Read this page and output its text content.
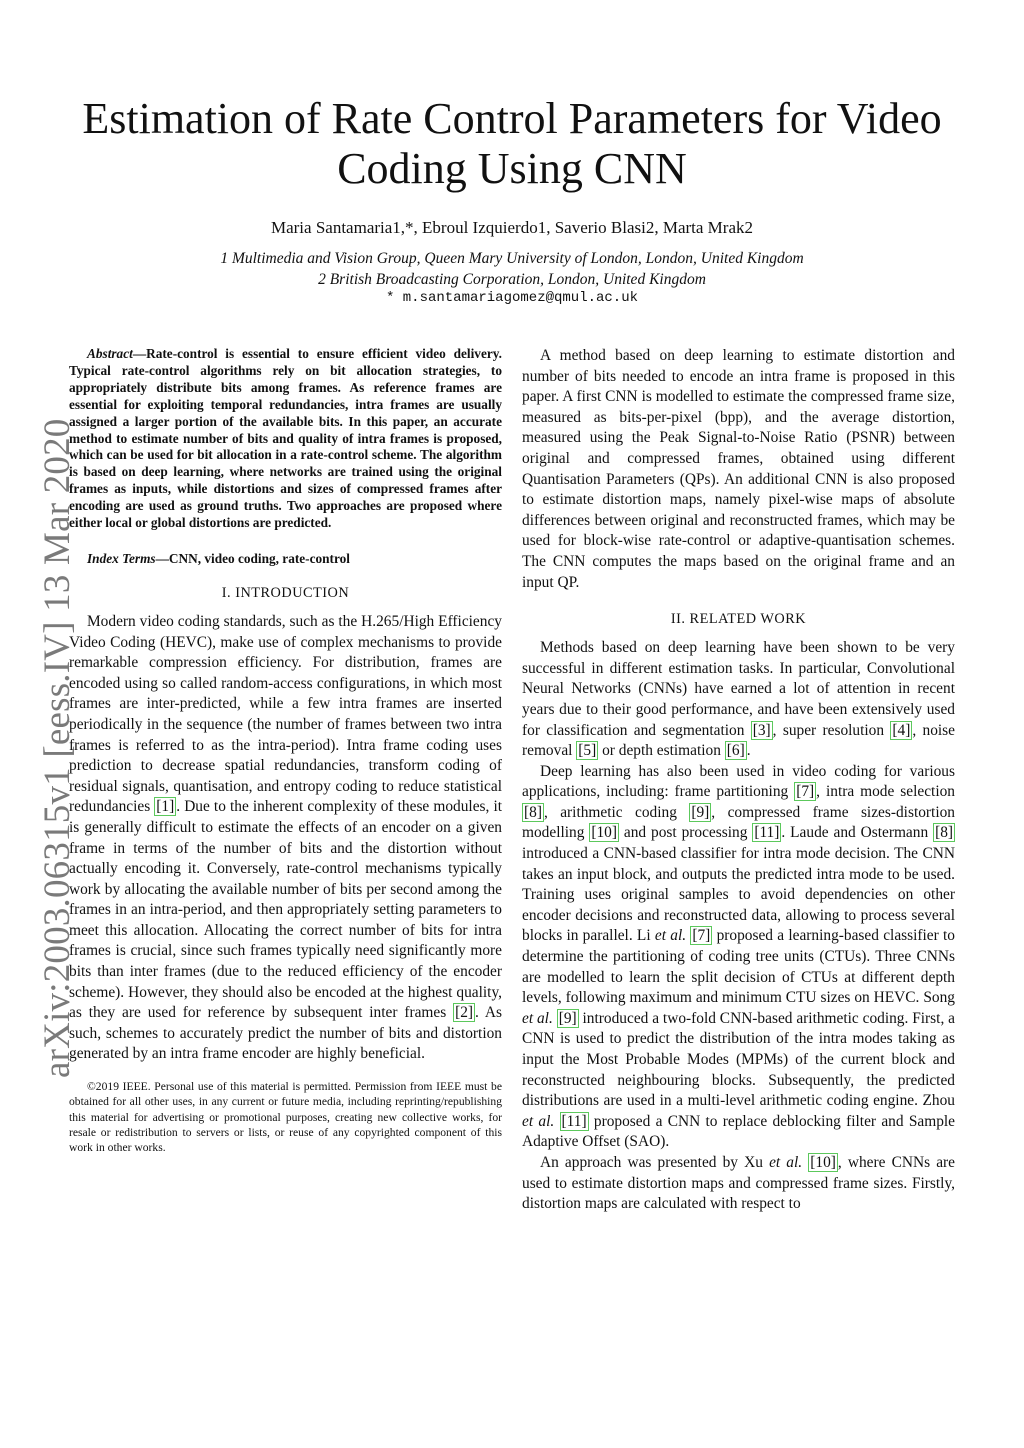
arXiv:2003.06315v1 [eess.IV] 13 Mar 2020
Estimation of Rate Control Parameters for Video
Coding Using CNN
Maria Santamaria1,*, Ebroul Izquierdo1, Saverio Blasi2, Marta Mrak2
1 Multimedia and Vision Group, Queen Mary University of London, London, United Kingdom
2 British Broadcasting Corporation, London, United Kingdom
* m.santamariagomez@qmul.ac.uk

Abstract—Rate-control is essential to ensure efficient video delivery. Typical rate-control algorithms rely on bit allocation strategies, to appropriately distribute bits among frames. As reference frames are essential for exploiting temporal redundancies, intra frames are usually assigned a larger portion of the available bits. In this paper, an accurate method to estimate number of bits and quality of intra frames is proposed, which can be used for bit allocation in a rate-control scheme. The algorithm is based on deep learning, where networks are trained using the original frames as inputs, while distortions and sizes of compressed frames after encoding are used as ground truths. Two approaches are proposed where either local or global distortions are predicted.

Index Terms—CNN, video coding, rate-control

I. INTRODUCTION

Modern video coding standards, such as the H.265/High Efficiency Video Coding (HEVC), make use of complex mechanisms to provide remarkable compression efficiency. For distribution, frames are encoded using so called random-access configurations, in which most frames are inter-predicted, while a few intra frames are inserted periodically in the sequence (the number of frames between two intra frames is referred to as the intra-period). Intra frame coding uses prediction to decrease spatial redundancies, transform coding of residual signals, quantisation, and entropy coding to reduce statistical redundancies [1] . Due to the inherent complexity of these modules, it is generally difficult to estimate the effects of an encoder on a given frame in terms of the number of bits and the distortion without actually encoding it. Conversely, rate-control mechanisms typically work by allocating the available number of bits per second among the frames in an intra-period, and then appropriately setting parameters to meet this allocation. Allocating the correct number of bits for intra frames is crucial, since such frames typically need significantly more bits than inter frames (due to the reduced efficiency of the encoder scheme). However, they should also be encoded at the highest quality, as they are used for reference by subsequent inter frames [2] . As such, schemes to accurately predict the number of bits and distortion generated by an intra frame encoder are highly beneficial.

©2019 IEEE. Personal use of this material is permitted. Permission from IEEE must be obtained for all other uses, in any current or future media, including reprinting/republishing this material for advertising or promotional purposes, creating new collective works, for resale or redistribution to servers or lists, or reuse of any copyrighted component of this work in other works.

A method based on deep learning to estimate distortion and number of bits needed to encode an intra frame is proposed in this paper. A first CNN is modelled to estimate the compressed frame size, measured as bits-per-pixel (bpp), and the average distortion, measured using the Peak Signal-to-Noise Ratio (PSNR) between original and compressed frames, obtained using different Quantisation Parameters (QPs). An additional CNN is also proposed to estimate distortion maps, namely pixel-wise maps of absolute differences between original and reconstructed frames, which may be used for block-wise rate-control or adaptive-quantisation schemes. The CNN computes the maps based on the original frame and an input QP.

II. RELATED WORK

Methods based on deep learning have been shown to be very successful in different estimation tasks. In particular, Convolutional Neural Networks (CNNs) have earned a lot of attention in recent years due to their good performance, and have been extensively used for classification and segmentation [3] , super resolution [4] , noise removal [5] or depth estimation [6] .

Deep learning has also been used in video coding for various applications, including: frame partitioning [7] , intra mode selection [8] , arithmetic coding [9] , compressed frame sizes-distortion modelling [10] and post processing [11] . Laude and Ostermann [8] introduced a CNN-based classifier for intra mode decision. The CNN takes an input block, and outputs the predicted intra mode to be used. Training uses original samples to avoid dependencies on other encoder decisions and reconstructed data, allowing to process several blocks in parallel. Li et al. [7] proposed a learning-based classifier to determine the partitioning of coding tree units (CTUs). Three CNNs are modelled to learn the split decision of CTUs at different depth levels, following maximum and minimum CTU sizes on HEVC. Song et al. [9] introduced a two-fold CNN-based arithmetic coding. First, a CNN is used to predict the distribution of the intra modes taking as input the Most Probable Modes (MPMs) of the current block and reconstructed neighbouring blocks. Subsequently, the predicted distributions are used in a multi-level arithmetic coding engine. Zhou et al. [11] proposed a CNN to replace deblocking filter and Sample Adaptive Offset (SAO).

An approach was presented by Xu et al. [10] , where CNNs are used to estimate distortion maps and compressed frame sizes. Firstly, distortion maps are calculated with respect to
